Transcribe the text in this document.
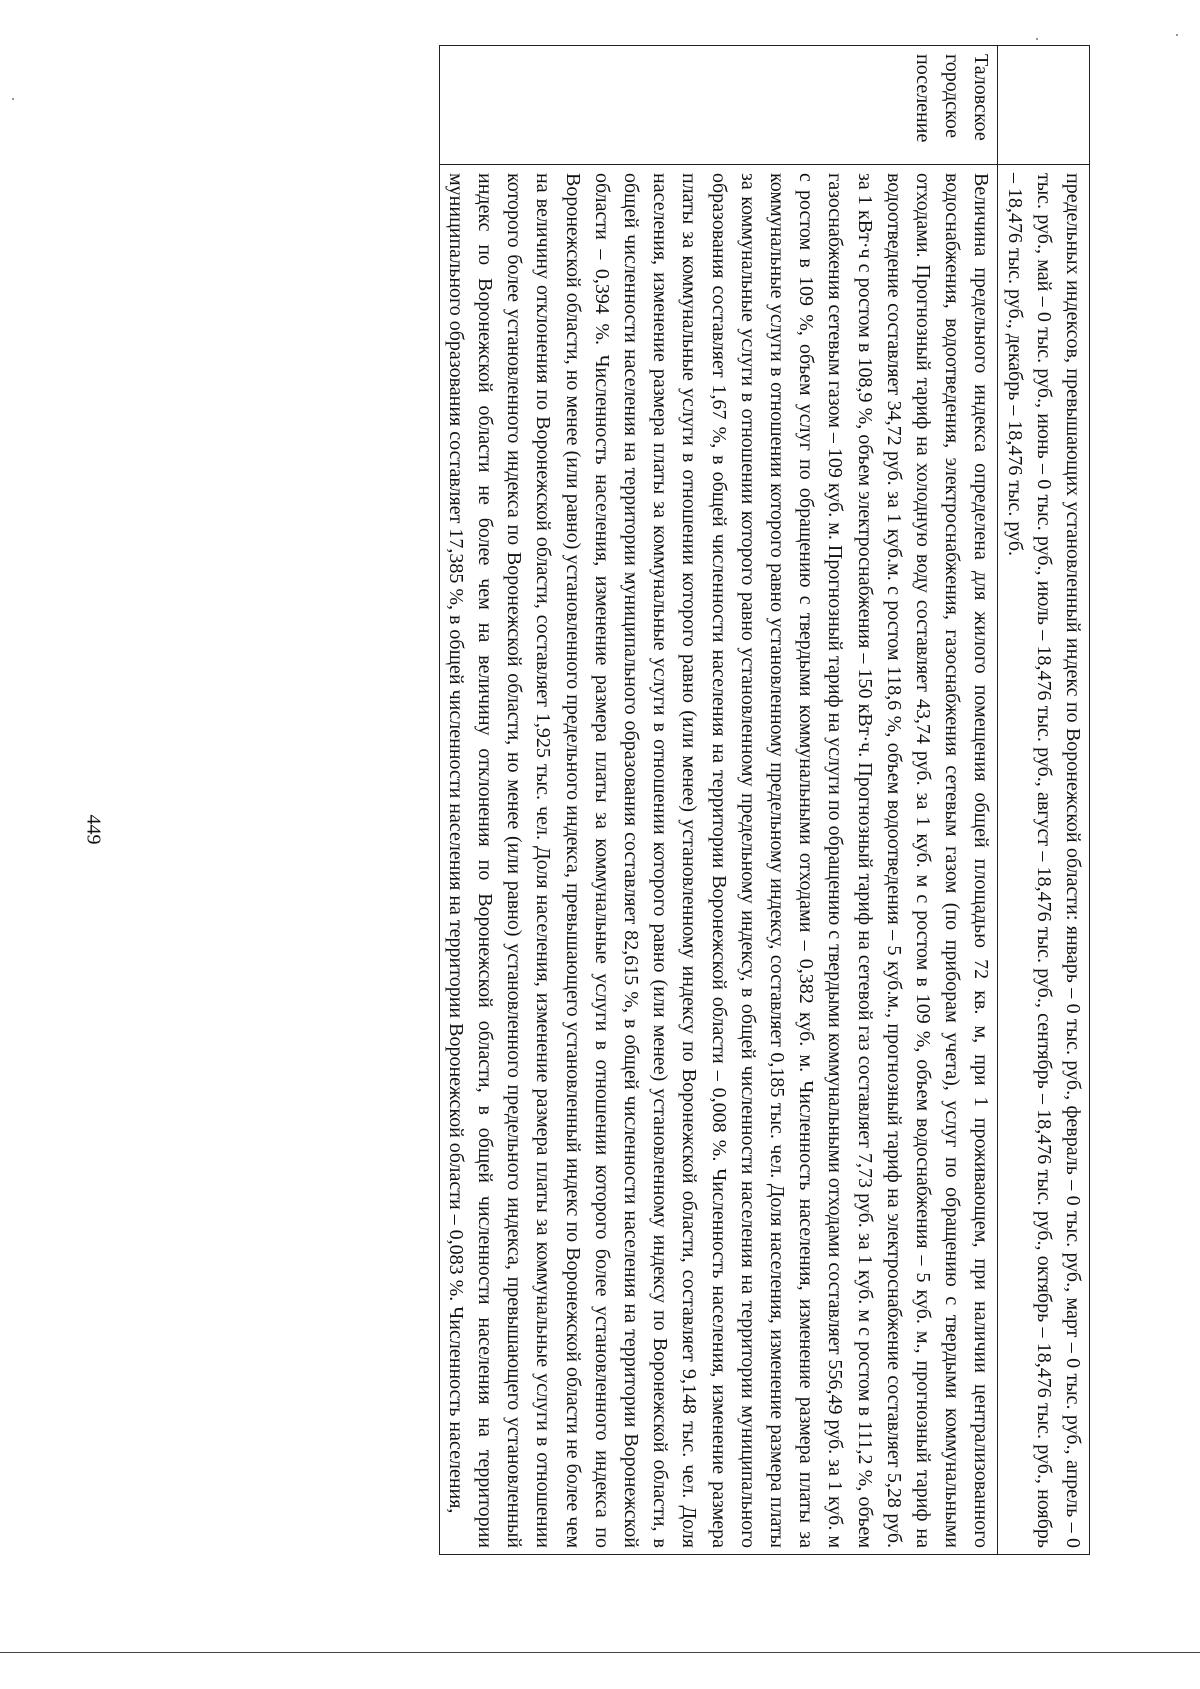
449
		предельных индексов, превышающих установленный индекс по Воронежской области: январь – 0 тыс. руб., февраль – 0 тыс. руб., март – 0 тыс. руб., апрель – 0 тыс. руб., май – 0 тыс. руб., июнь – 0 тыс. руб., июль – 18,476 тыс. руб., август – 18,476 тыс. руб., сентябрь – 18,476 тыс. руб., октябрь – 18,476 тыс. руб., ноябрь – 18,476 тыс. руб., декабрь – 18,476 тыс. руб.
Таловское городское поселение	Величина предельного индекса определена для жилого помещения общей площадью 72 кв. м, при 1 проживающем, при наличии централизованного водоснабжения, водоотведения, электроснабжения, газоснабжения сетевым газом (по приборам учета), услуг по обращению с твердыми коммунальными отходами. Прогнозный тариф на холодную воду составляет 43,74 руб. за 1 куб. м с ростом в 109 %, объем водоснабжения – 5 куб. м., прогнозный тариф на водоотведение составляет 34,72 руб. за 1 куб.м. с ростом 118,6 %, объем водоотведения – 5 куб.м., прогнозный тариф на электроснабжение составляет 5,28 руб. за 1 кВт·ч с ростом в 108,9 %, объем электроснабжения – 150 кВт·ч. Прогнозный тариф на сетевой газ составляет 7,73 руб. за 1 куб. м с ростом в 111,2 %, объем газоснабжения сетевым газом – 109 куб. м. Прогнозный тариф на услуги по обращению с твердыми коммунальными отходами составляет 556,49 руб. за 1 куб. м с ростом в 109 %, объем услуг по обращению с твердыми коммунальными отходами – 0,382 куб. м. Численность населения, изменение размера платы за коммунальные услуги в отношении которого равно установленному предельному индексу, составляет 0,185 тыс. чел. Доля населения, изменение размера платы за коммунальные услуги в отношении которого равно установленному предельному индексу, в общей численности населения на территории муниципального образования составляет 1,67 %, в общей численности населения на территории Воронежской области – 0,008 %. Численность населения, изменение размера платы за коммунальные услуги в отношении которого равно (или менее) установленному индексу по Воронежской области, составляет 9,148 тыс. чел. Доля населения, изменение размера платы за коммунальные услуги в отношении которого равно (или менее) установленному индексу по Воронежской области, в общей численности населения на территории муниципального образования составляет 82,615 %, в общей численности населения на территории Воронежской области – 0,394 %. Численность населения, изменение размера платы за коммунальные услуги в отношении которого более установленного индекса по Воронежской области, но менее (или равно) установленного предельного индекса, превышающего установленный индекс по Воронежской области не более чем на величину отклонения по Воронежской области, составляет 1,925 тыс. чел. Доля населения, изменение размера платы за коммунальные услуги в отношении которого более установленного индекса по Воронежской области, но менее (или равно) установленного предельного индекса, превышающего установленный индекс по Воронежской области не более чем на величину отклонения по Воронежской области, в общей численности населения на территории муниципального образования составляет 17,385 %, в общей численности населения на территории Воронежской области – 0,083 %. Численность населения,
